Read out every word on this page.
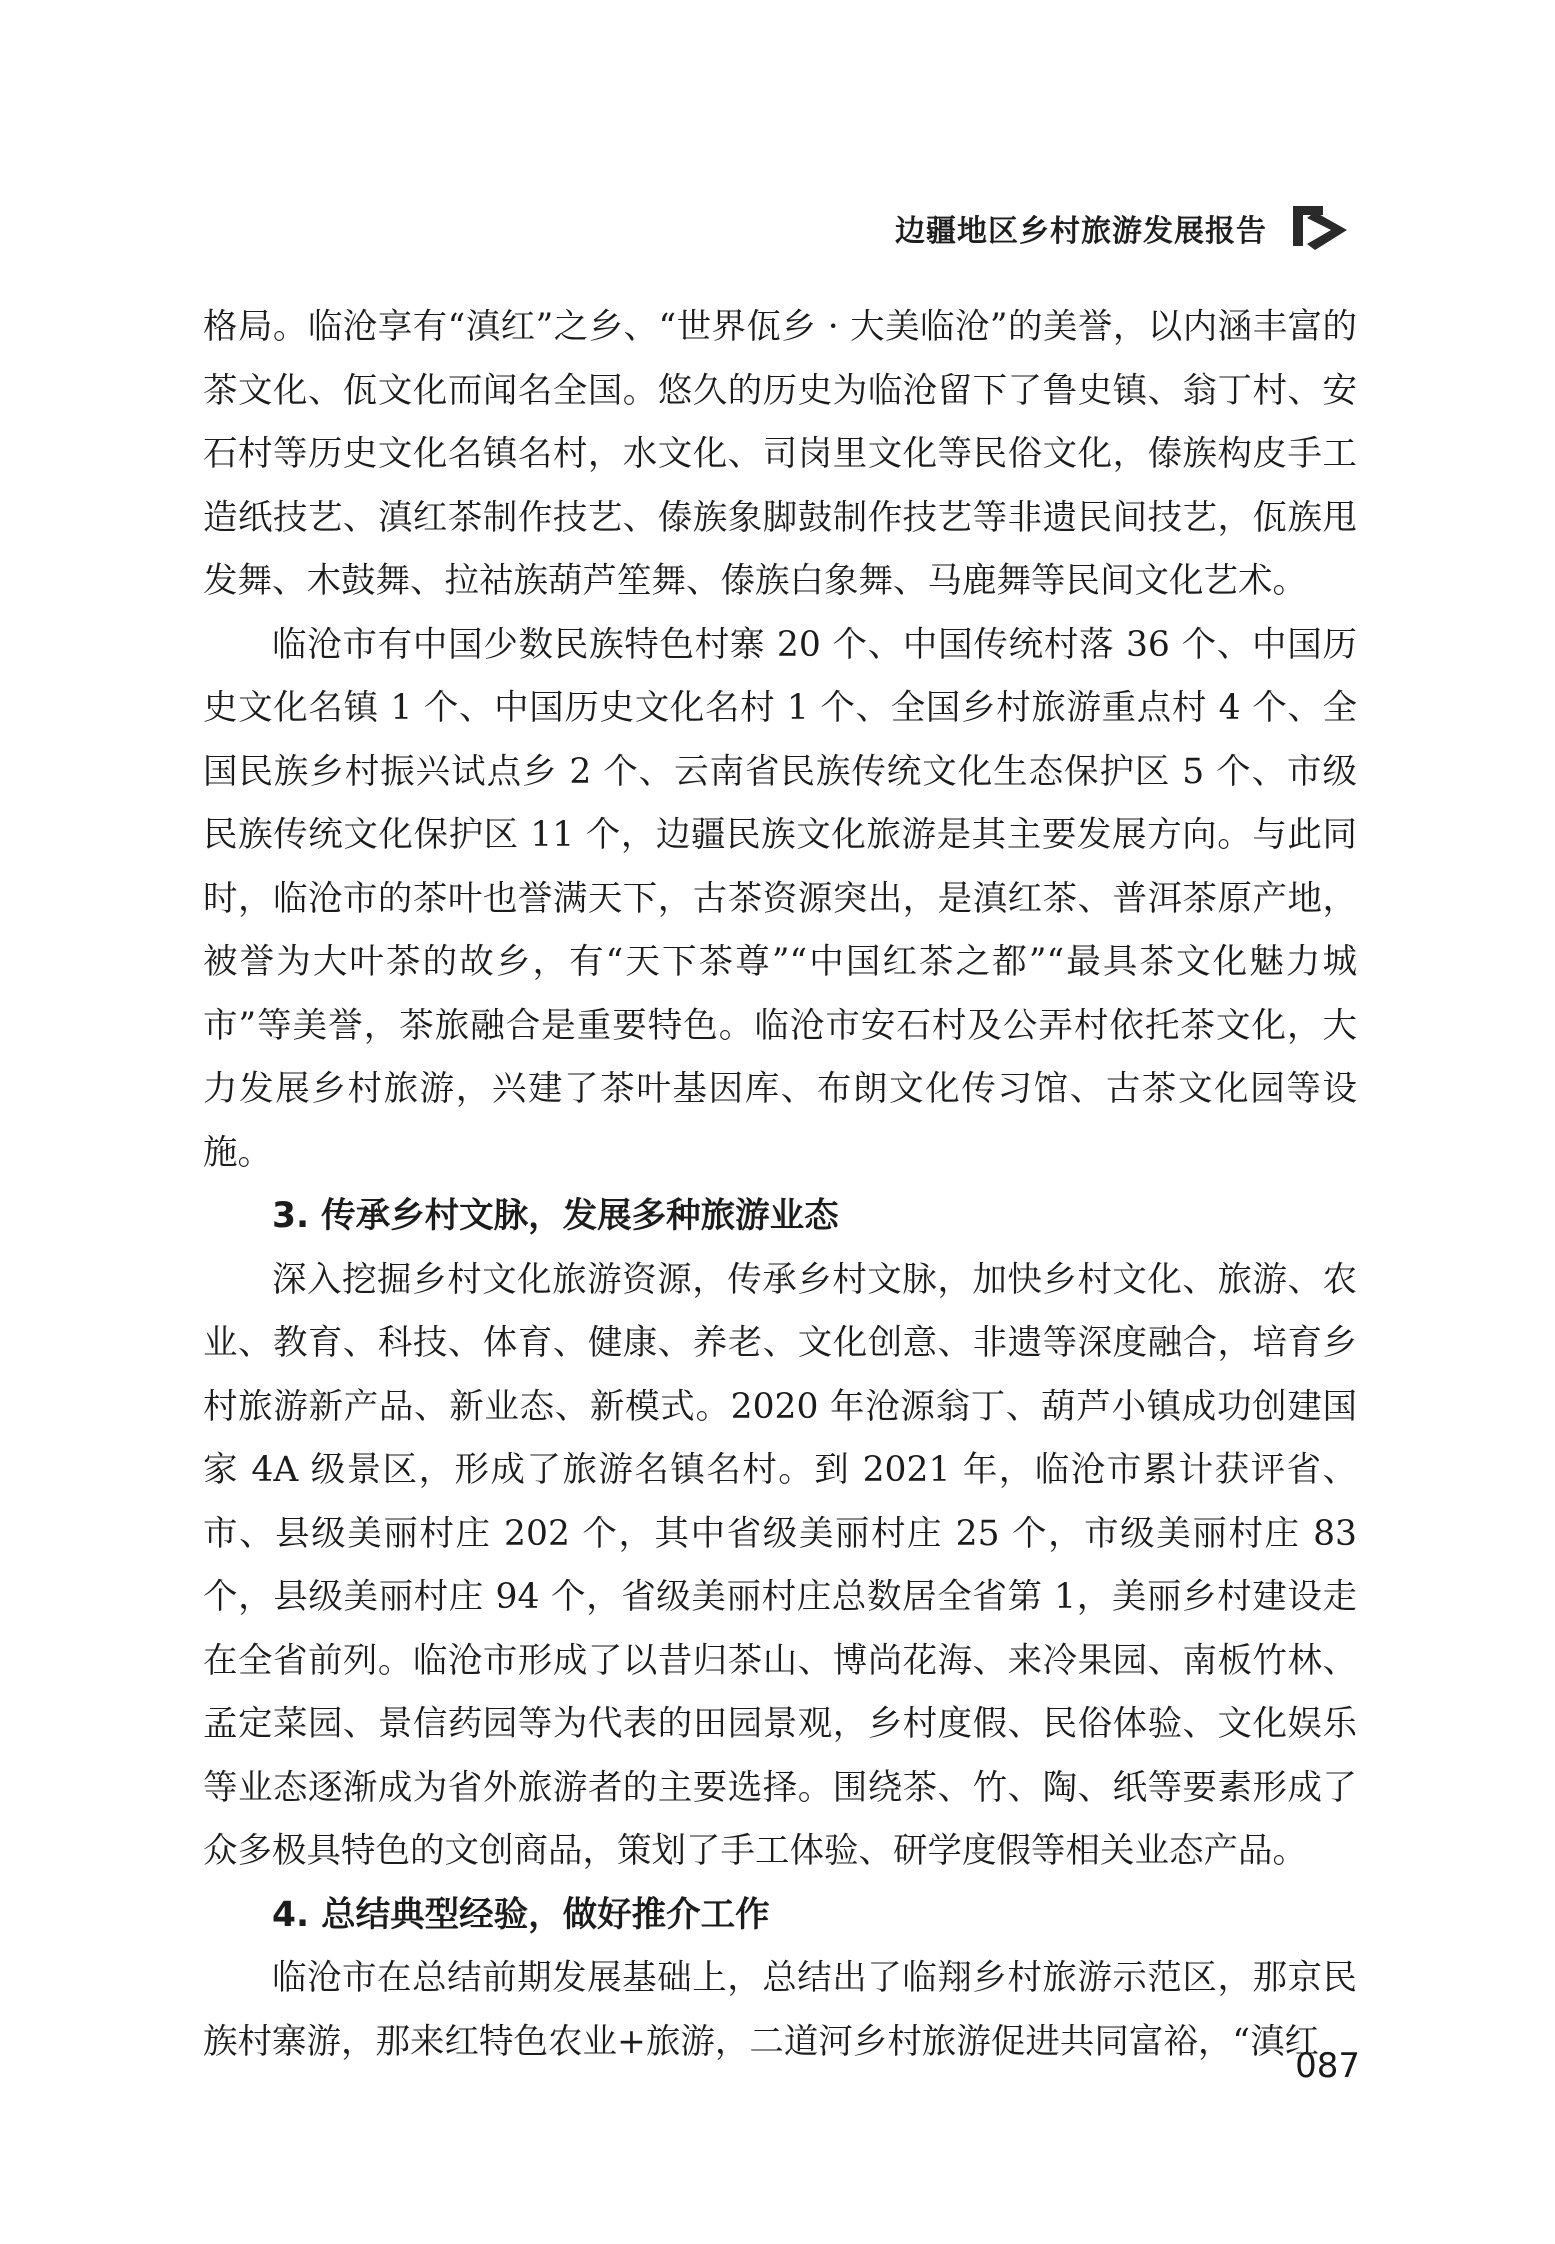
边疆地区乡村旅游发展报告

格局。临沧享有“滇红”之乡、“世界佤乡 · 大美临沧”的美誉，以内涵丰富的茶文化、佤文化而闻名全国。悠久的历史为临沧留下了鲁史镇、翁丁村、安石村等历史文化名镇名村，水文化、司岗里文化等民俗文化，傣族构皮手工造纸技艺、滇红茶制作技艺、傣族象脚鼓制作技艺等非遗民间技艺，佤族甩发舞、木鼓舞、拉祜族葫芦笙舞、傣族白象舞、马鹿舞等民间文化艺术。

临沧市有中国少数民族特色村寨 20 个、中国传统村落 36 个、中国历史文化名镇 1 个、中国历史文化名村 1 个、全国乡村旅游重点村 4 个、全国民族乡村振兴试点乡 2 个、云南省民族传统文化生态保护区 5 个、市级民族传统文化保护区 11 个，边疆民族文化旅游是其主要发展方向。与此同时，临沧市的茶叶也誉满天下，古茶资源突出，是滇红茶、普洱茶原产地，被誉为大叶茶的故乡，有“天下茶尊”“中国红茶之都”“最具茶文化魅力城市”等美誉，茶旅融合是重要特色。临沧市安石村及公弄村依托茶文化，大力发展乡村旅游，兴建了茶叶基因库、布朗文化传习馆、古茶文化园等设施。

3. 传承乡村文脉，发展多种旅游业态

深入挖掘乡村文化旅游资源，传承乡村文脉，加快乡村文化、旅游、农业、教育、科技、体育、健康、养老、文化创意、非遗等深度融合，培育乡村旅游新产品、新业态、新模式。2020 年沧源翁丁、葫芦小镇成功创建国家 4A 级景区，形成了旅游名镇名村。到 2021 年，临沧市累计获评省、市、县级美丽村庄 202 个，其中省级美丽村庄 25 个，市级美丽村庄 83 个，县级美丽村庄 94 个，省级美丽村庄总数居全省第 1，美丽乡村建设走在全省前列。临沧市形成了以昔归茶山、博尚花海、来冷果园、南板竹林、孟定菜园、景信药园等为代表的田园景观，乡村度假、民俗体验、文化娱乐等业态逐渐成为省外旅游者的主要选择。围绕茶、竹、陶、纸等要素形成了众多极具特色的文创商品，策划了手工体验、研学度假等相关业态产品。

4. 总结典型经验，做好推介工作

临沧市在总结前期发展基础上，总结出了临翔乡村旅游示范区，那京民族村寨游，那来红特色农业+旅游，二道河乡村旅游促进共同富裕，“滇红

087
